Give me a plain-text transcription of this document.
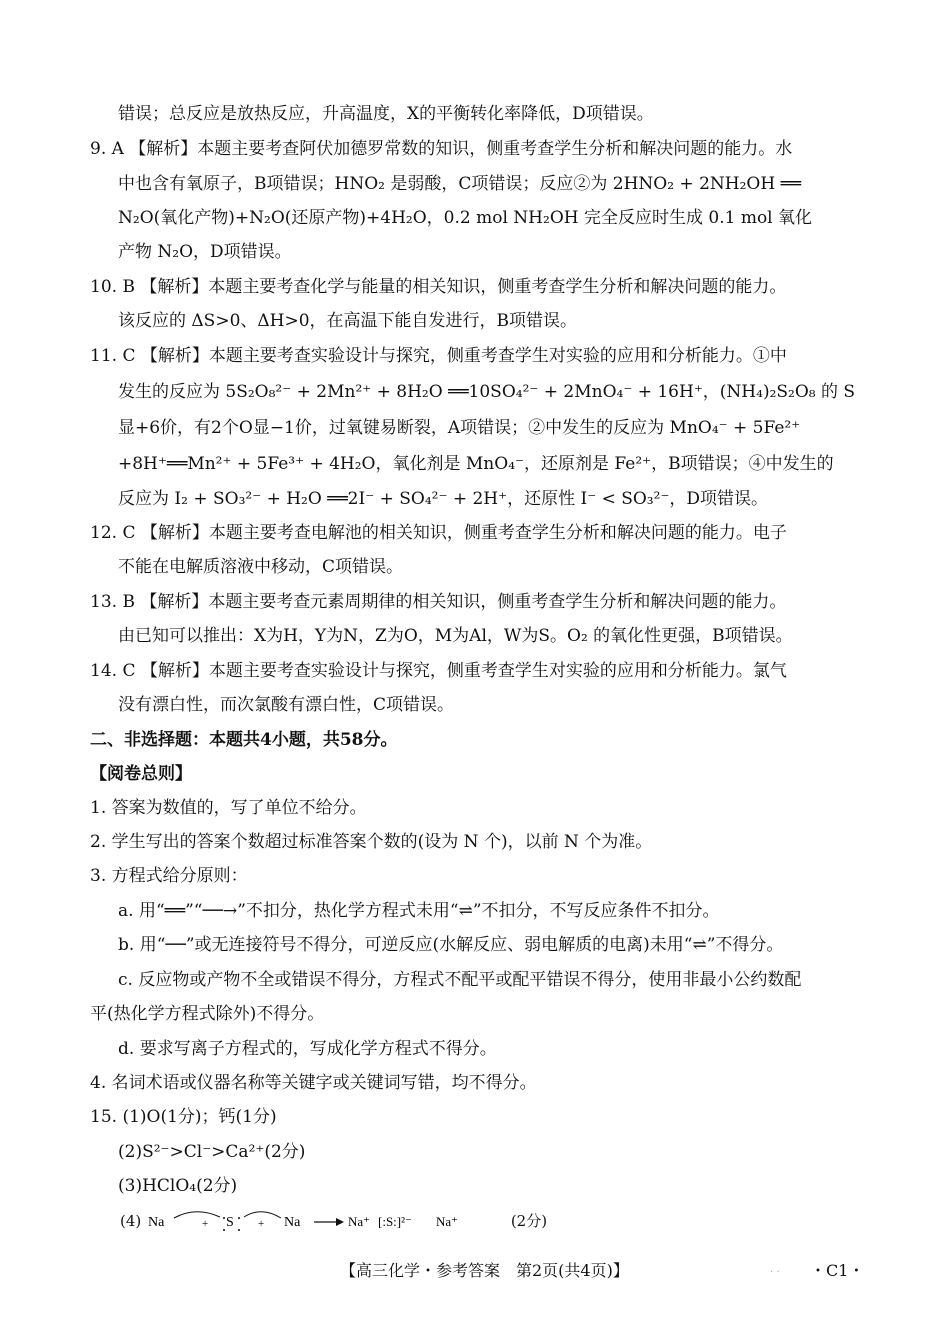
错误；总反应是放热反应，升高温度，X的平衡转化率降低，D项错误。
9. A 【解析】本题主要考查阿伏加德罗常数的知识，侧重考查学生分析和解决问题的能力。水
中也含有氧原子，B项错误；HNO₂ 是弱酸，C项错误；反应②为 2HNO₂ + 2NH₂OH ══
N₂O(氧化产物)+N₂O(还原产物)+4H₂O，0.2 mol NH₂OH 完全反应时生成 0.1 mol 氧化
产物 N₂O，D项错误。
10. B 【解析】本题主要考查化学与能量的相关知识，侧重考查学生分析和解决问题的能力。
该反应的 ΔS>0、ΔH>0，在高温下能自发进行，B项错误。
11. C 【解析】本题主要考查实验设计与探究，侧重考查学生对实验的应用和分析能力。①中
发生的反应为 5S₂O₈²⁻ + 2Mn²⁺ + 8H₂O ══10SO₄²⁻ + 2MnO₄⁻ + 16H⁺，(NH₄)₂S₂O₈ 的 S
显+6价，有2个O显−1价，过氧键易断裂，A项错误；②中发生的反应为 MnO₄⁻ + 5Fe²⁺
+8H⁺══Mn²⁺ + 5Fe³⁺ + 4H₂O，氧化剂是 MnO₄⁻，还原剂是 Fe²⁺，B项错误；④中发生的
反应为 I₂ + SO₃²⁻ + H₂O ══2I⁻ + SO₄²⁻ + 2H⁺，还原性 I⁻ < SO₃²⁻，D项错误。
12. C 【解析】本题主要考查电解池的相关知识，侧重考查学生分析和解决问题的能力。电子
不能在电解质溶液中移动，C项错误。
13. B 【解析】本题主要考查元素周期律的相关知识，侧重考查学生分析和解决问题的能力。
由已知可以推出：X为H，Y为N，Z为O，M为Al，W为S。O₂ 的氧化性更强，B项错误。
14. C 【解析】本题主要考查实验设计与探究，侧重考查学生对实验的应用和分析能力。氯气
没有漂白性，而次氯酸有漂白性，C项错误。
二、非选择题：本题共4小题，共58分。
【阅卷总则】
1. 答案为数值的，写了单位不给分。
2. 学生写出的答案个数超过标准答案个数的(设为 N 个)，以前 N 个为准。
3. 方程式给分原则：
a. 用“══”“──→”不扣分，热化学方程式未用“⇌”不扣分，不写反应条件不扣分。
b. 用“──”或无连接符号不得分，可逆反应(水解反应、弱电解质的电离)未用“⇌”不得分。
c. 反应物或产物不全或错误不得分，方程式不配平或配平错误不得分，使用非最小公约数配
平(热化学方程式除外)不得分。
d. 要求写离子方程式的，写成化学方程式不得分。
4. 名词术语或仪器名称等关键字或关键词写错，均不得分。
15. (1)O(1分)；钙(1分)
(2)S²⁻>Cl⁻>Ca²⁺(2分)
(3)HClO₄(2分)
(4) Na	+ S + Na	Na⁺ [:S:]²⁻ Na⁺	(2分)
【高三化学・参考答案　第2页(共4页)】	. . ・C1・
